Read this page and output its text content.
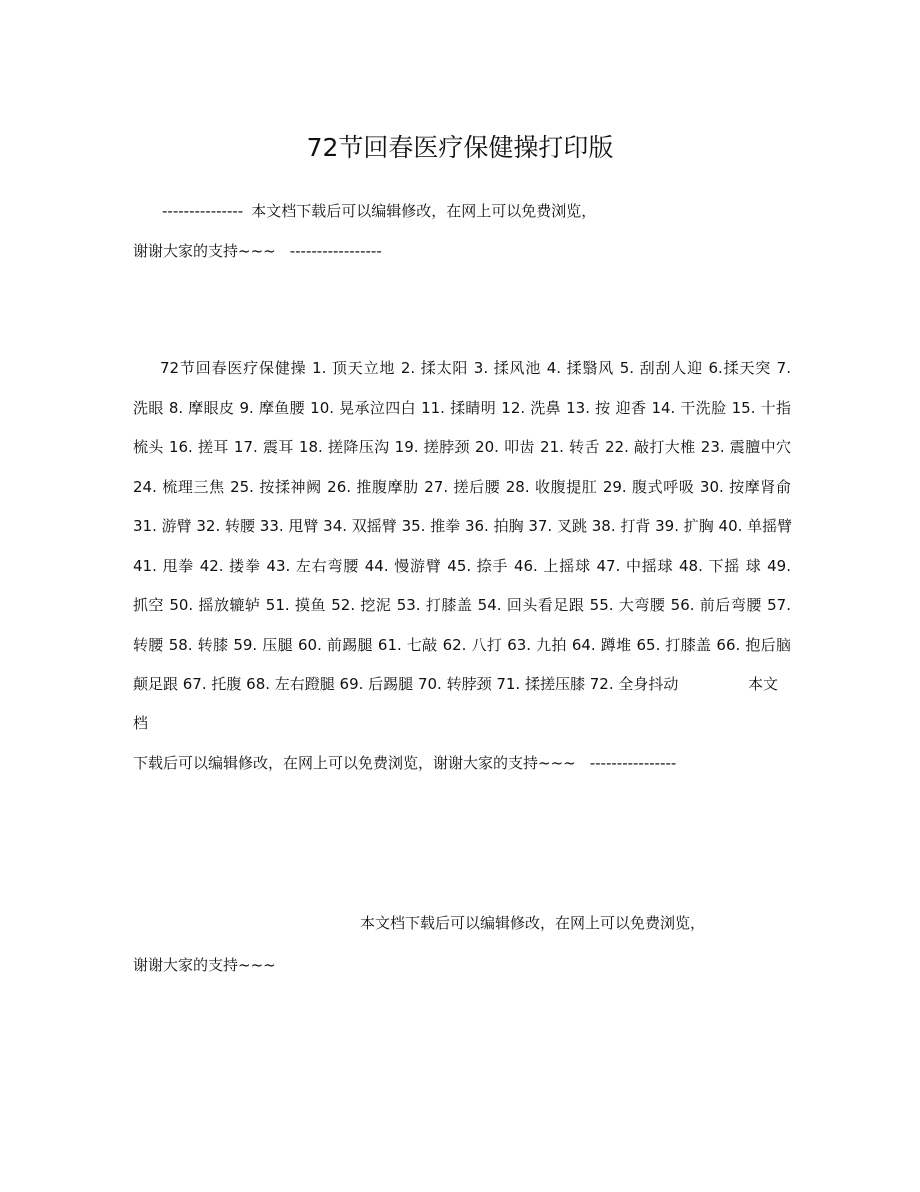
72节回春医疗保健操打印版
--------------- 本文档下载后可以编辑修改，在网上可以免费浏览，
谢谢大家的支持~~~ -----------------
72节回春医疗保健操 1. 顶天立地 2. 揉太阳 3. 揉风池 4. 揉翳风 5. 刮刮人迎 6.揉天突 7.
洗眼 8. 摩眼皮 9. 摩鱼腰 10. 晃承泣四白 11. 揉睛明 12. 洗鼻 13. 按 迎香 14. 干洗脸 15. 十指
梳头 16. 搓耳 17. 震耳 18. 搓降压沟 19. 搓脖颈 20. 叩齿 21. 转舌 22. 敲打大椎 23. 震膻中穴
24. 梳理三焦 25. 按揉神阙 26. 推腹摩肋 27. 搓后腰 28. 收腹提肛 29. 腹式呼吸 30. 按摩肾俞
31. 游臂 32. 转腰 33. 甩臂 34. 双摇臂 35. 推拳 36. 拍胸 37. 叉跳 38. 打背 39. 扩胸 40. 单摇臂
41. 甩拳 42. 搂拳 43. 左右弯腰 44. 慢游臂 45. 捺手 46. 上摇球 47. 中摇球 48. 下摇 球 49.
抓空 50. 摇放辘轳 51. 摸鱼 52. 挖泥 53. 打膝盖 54. 回头看足跟 55. 大弯腰 56. 前后弯腰 57.
转腰 58. 转膝 59. 压腿 60. 前踢腿 61. 七敲 62. 八打 63. 九拍 64. 蹲堆 65. 打膝盖 66. 抱后脑
颠足跟 67. 托腹 68. 左右蹬腿 69. 后踢腿 70. 转脖颈 71. 揉搓压膝 72. 全身抖动	本文
档
下载后可以编辑修改，在网上可以免费浏览，谢谢大家的支持~~~ ----------------
本文档下载后可以编辑修改，在网上可以免费浏览，
谢谢大家的支持~~~
